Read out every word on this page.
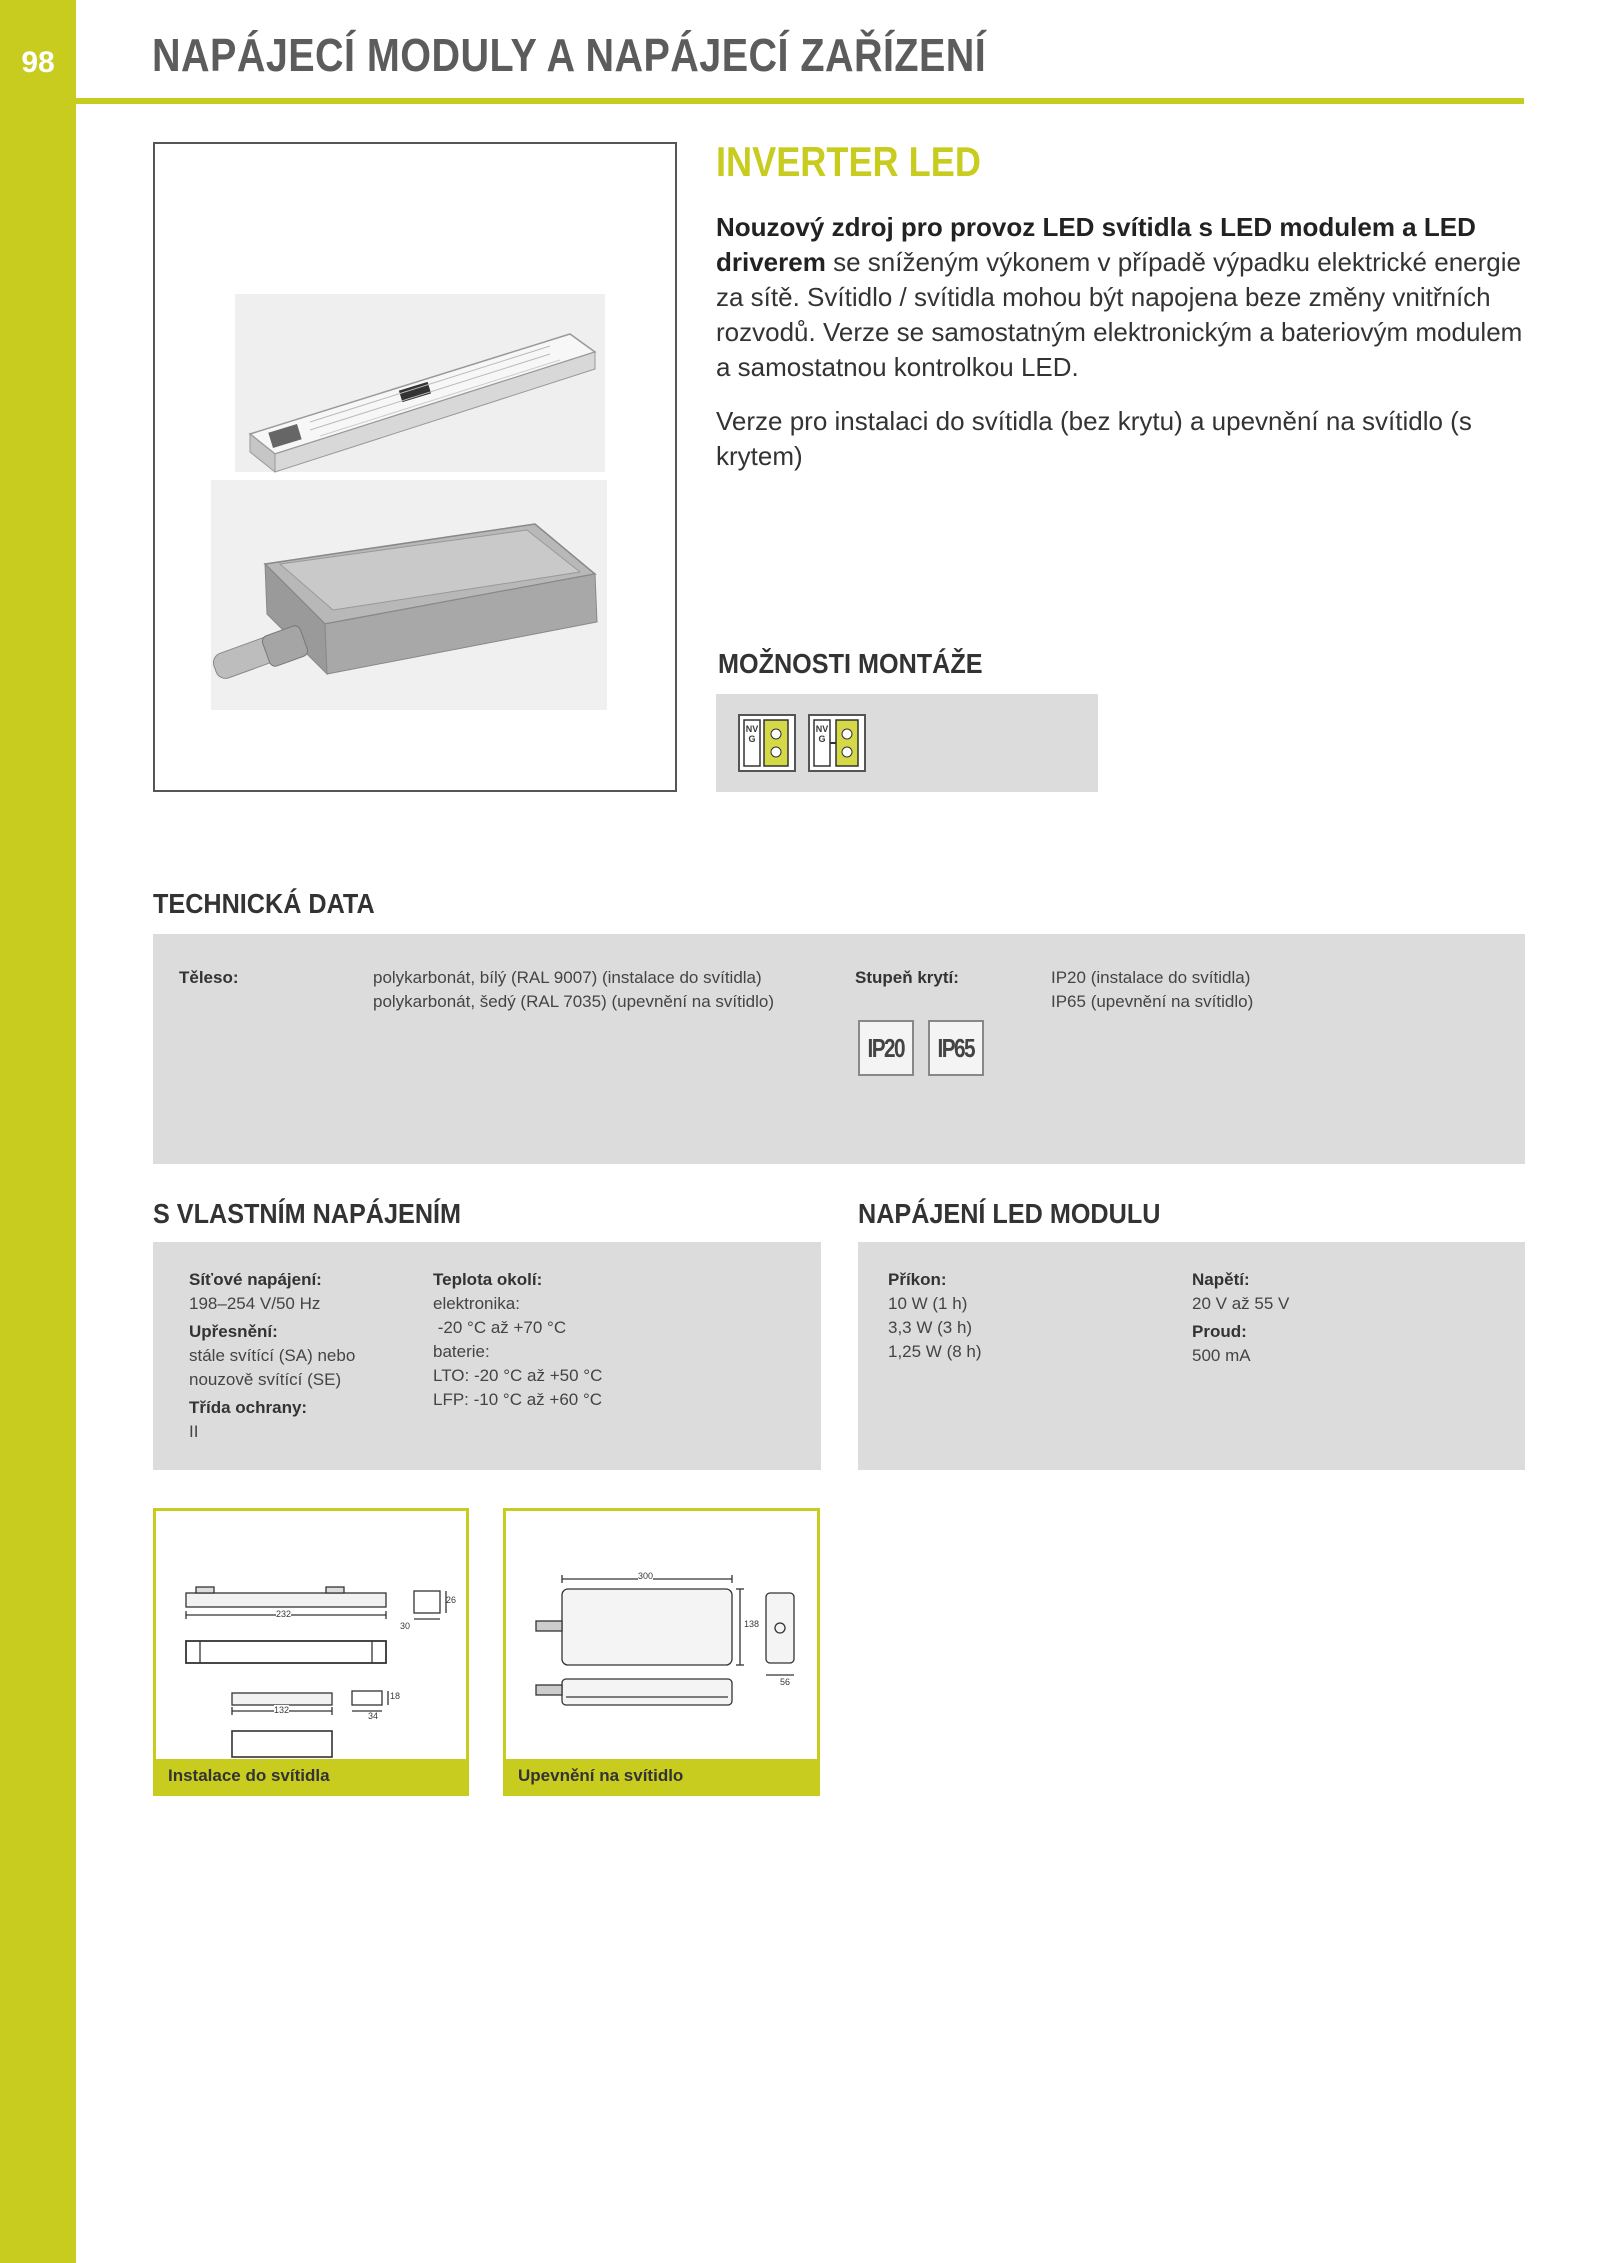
98	NAPÁJECÍ MODULY A NAPÁJECÍ ZAŘÍZENÍ
INVERTER LED
Nouzový zdroj pro provoz LED svítidla s LED modulem a LED driverem se sníženým výkonem v případě výpadku elektrické energie za sítě. Svítidlo / svítidla mohou být napojena beze změny vnitřních rozvodů. Verze se samostatným elektronickým a bateriovým modulem a samostatnou kontrolkou LED.
Verze pro instalaci do svítidla (bez krytu) a upevnění na svítidlo (s krytem)
MOŽNOSTI MONTÁŽE
NVG
NVG
TECHNICKÁ DATA
Těleso:	polykarbonát, bílý (RAL 9007) (instalace do svítidla)
polykarbonát, šedý (RAL 7035) (upevnění na svítidlo)
Stupeň krytí:	IP20 (instalace do svítidla)
IP65 (upevnění na svítidlo)
IP20 IP65
S VLASTNÍM NAPÁJENÍM
Síťové napájení:
198–254 V/50 Hz
Upřesnění:
stále svítící (SA) nebo
nouzově svítící (SE)
Třída ochrany:
II
Teplota okolí:
elektronika:
-20 °C až +70 °C
baterie:
LTO: -20 °C až +50 °C
LFP: -10 °C až +60 °C
NAPÁJENÍ LED MODULU
Příkon:
10 W (1 h)
3,3 W (3 h)
1,25 W (8 h)
Napětí:
20 V až 55 V
Proud:
500 mA
232
26
30
132
18
34
Instalace do svítidla
300
138
56
Upevnění na svítidlo
